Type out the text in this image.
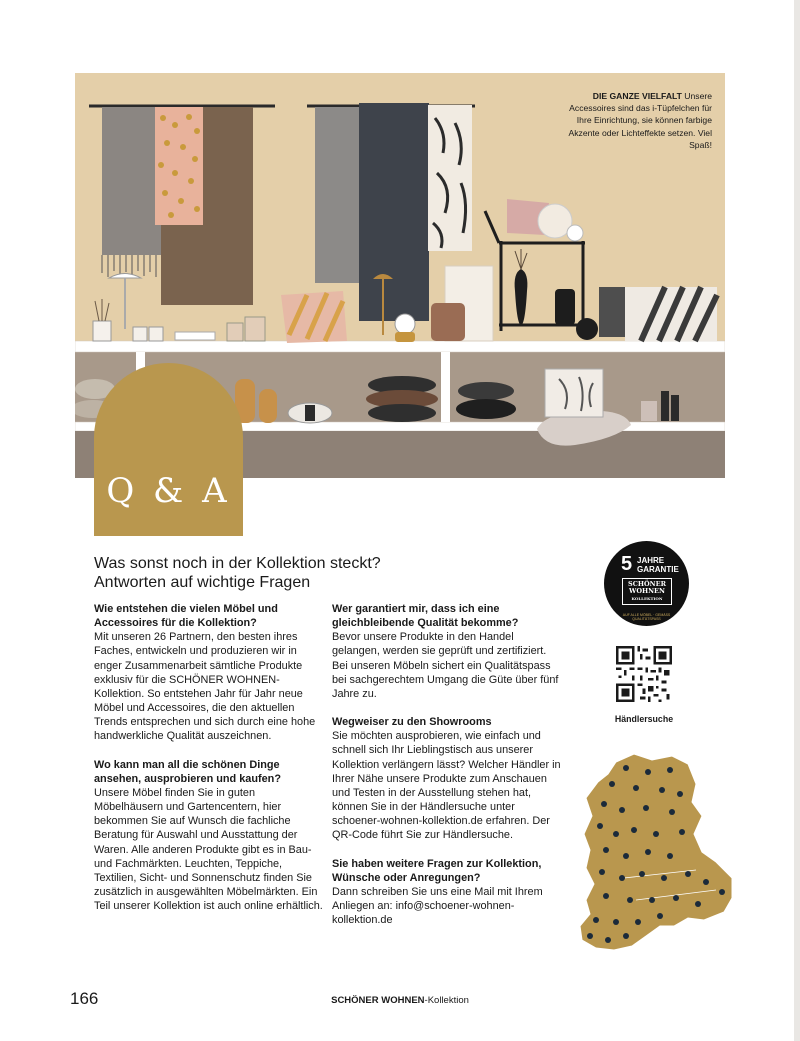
DIE GANZE VIELFALT Unsere Accessoires sind das i-Tüpfelchen für Ihre Einrichtung, sie können farbige Akzente oder Lichteffekte setzen. Viel Spaß!
Q & A
Was sonst noch in der Kollektion steckt?
Antworten auf wichtige Fragen
Wie entstehen die vielen Möbel und Accessoires für die Kollektion?
Mit unseren 26 Partnern, den besten ihres Faches, entwickeln und produzieren wir in enger Zusammenarbeit sämtliche Produkte exklusiv für die SCHÖNER WOHNEN-Kollektion. So entstehen Jahr für Jahr neue Möbel und Accessoires, die den aktuellen Trends entsprechen und sich durch eine hohe handwerkliche Qualität auszeichnen.
Wo kann man all die schönen Dinge ansehen, ausprobieren und kaufen?
Unsere Möbel finden Sie in guten Möbelhäusern und Gartencentern, hier bekommen Sie auf Wunsch die fachliche Beratung für Auswahl und Ausstattung der Waren. Alle anderen Produkte gibt es in Bau- und Fachmärkten. Leuchten, Teppiche, Textilien, Sicht- und Sonnenschutz finden Sie zusätzlich in ausgewählten Möbelmärkten. Ein Teil unserer Kollektion ist auch online erhältlich.
Wer garantiert mir, dass ich eine gleichbleibende Qualität bekomme?
Bevor unsere Produkte in den Handel gelangen, werden sie geprüft und zertifiziert. Bei unseren Möbeln sichert ein Qualitätspass bei sachgerechtem Umgang die Güte über fünf Jahre zu.
Wegweiser zu den Showrooms
Sie möchten ausprobieren, wie einfach und schnell sich Ihr Lieblingstisch aus unserer Kollektion verlängern lässt? Welcher Händler in Ihrer Nähe unsere Produkte zum Anschauen und Testen in der Ausstellung stehen hat, können Sie in der Händlersuche unter schoener-wohnen-kollektion.de erfahren. Der QR-Code führt Sie zur Händlersuche.
Sie haben weitere Fragen zur Kollektion, Wünsche oder Anregungen?
Dann schreiben Sie uns eine Mail mit Ihrem Anliegen an: info@schoener-wohnen-kollektion.de
5 JAHRE
GARANTIE
SCHÖNER
WOHNEN
KOLLEKTION
AUF ALLE MÖBEL · GEMÄSS QUALITÄTSPASS
Händlersuche
166	SCHÖNER WOHNEN-Kollektion
